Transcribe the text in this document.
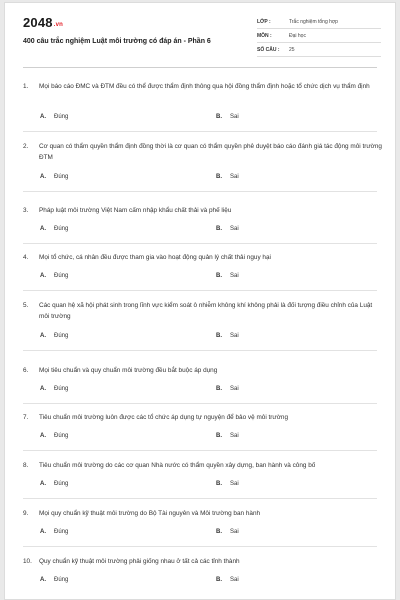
2048.vn
400 câu trắc nghiệm Luật môi trường có đáp án - Phần 6
LỚP :	Trắc nghiệm tổng hợp
MÔN :	Đại học
SỐ CÂU :	25
1.	Mọi báo cáo ĐMC và ĐTM đều có thể được thẩm định thông qua hội đồng thẩm định hoặc tổ chức dịch vụ thẩm định
A. Đúng	B. Sai
2.	Cơ quan có thẩm quyền thẩm định đồng thời là cơ quan có thẩm quyền phê duyệt báo cáo đánh giá tác động môi trường ĐTM
A. Đúng	B. Sai
3.	Pháp luật môi trường Việt Nam cấm nhập khẩu chất thải và phế liệu
A. Đúng	B. Sai
4.	Mọi tổ chức, cá nhân đều được tham gia vào hoạt động quản lý chất thải nguy hại
A. Đúng	B. Sai
5.	Các quan hệ xã hội phát sinh trong lĩnh vực kiểm soát ô nhiễm không khí không phải là đối tượng điều chỉnh của Luật môi trường
A. Đúng	B. Sai
6.	Mọi tiêu chuẩn và quy chuẩn môi trường đều bắt buộc áp dụng
A. Đúng	B. Sai
7.	Tiêu chuẩn môi trường luôn được các tổ chức áp dụng tự nguyện để bảo vệ môi trường
A. Đúng	B. Sai
8.	Tiêu chuẩn môi trường do các cơ quan Nhà nước có thẩm quyền xây dựng, ban hành và công bố
A. Đúng	B. Sai
9.	Mọi quy chuẩn kỹ thuật môi trường do Bộ Tài nguyên và Môi trường ban hành
A. Đúng	B. Sai
10.	Quy chuẩn kỹ thuật môi trường phải giống nhau ở tất cả các tỉnh thành
A. Đúng	B. Sai
